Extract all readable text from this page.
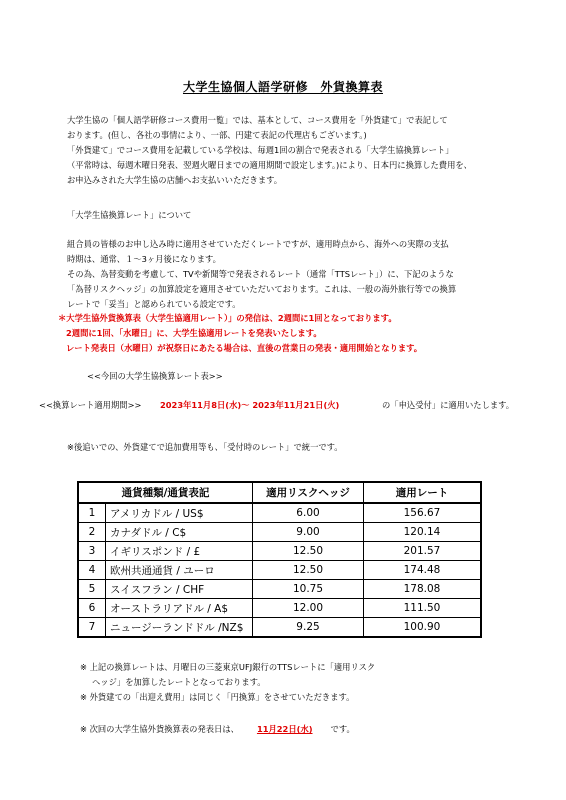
大学生協個人語学研修　外貨換算表
大学生協の「個人語学研修コース費用一覧」では、基本として、コース費用を「外貨建て」で表記して
おります。(但し、各社の事情により、一部、円建て表記の代理店もございます。)
「外貨建て」でコース費用を記載している学校は、毎週1回の割合で発表される「大学生協換算レート」
（平常時は、毎週木曜日発表、翌週火曜日までの適用期間で設定します。)により、日本円に換算した費用を、
お申込みされた大学生協の店舗へお支払いいただきます。
「大学生協換算レート」について
組合員の皆様のお申し込み時に適用させていただくレートですが、適用時点から、海外への実際の支払
時期は、通常、１〜3ヶ月後になります。
その為、為替変動を考慮して、TVや新聞等で発表されるレート（通常「TTSレート」）に、下記のような
「為替リスクヘッジ」の加算設定を適用させていただいております。これは、一般の海外旅行等での換算
レートで「妥当」と認められている設定です。
＊大学生協外貨換算表（大学生協適用レート）」の発信は、2週間に1回となっております。
2週間に1回、「水曜日」に、大学生協適用レートを発表いたします。
レート発表日（水曜日）が祝祭日にあたる場合は、直後の営業日の発表・適用開始となります。
<<今回の大学生協換算レート表>>
<<換算レート適用期間>> 2023年11月8日(水)〜 2023年11月21日(火)	の「申込受付」に適用いたします。
※後追いでの、外貨建てで追加費用等も、「受付時のレート」で統一です。
通貨種類/通貨表記		適用リスクヘッジ	適用レート
1	アメリカドル / US$	6.00	156.67
2	カナダドル / C$	9.00	120.14
3	イギリスポンド / £	12.50	201.57
4	欧州共通通貨 / ユーロ	12.50	174.48
5	スイスフラン / CHF	10.75	178.08
6	オーストラリアドル / A$	12.00	111.50
7	ニュージーランドドル /NZ$	9.25	100.90
※ 上記の換算レートは、月曜日の三菱東京UFJ銀行のTTSレートに「適用リスク
ヘッジ」を加算したレートとなっております。
※ 外貨建ての「出迎え費用」は同じく「円換算」をさせていただきます。
※ 次回の大学生協外貨換算表の発表日は、 11月22日(水) です。
